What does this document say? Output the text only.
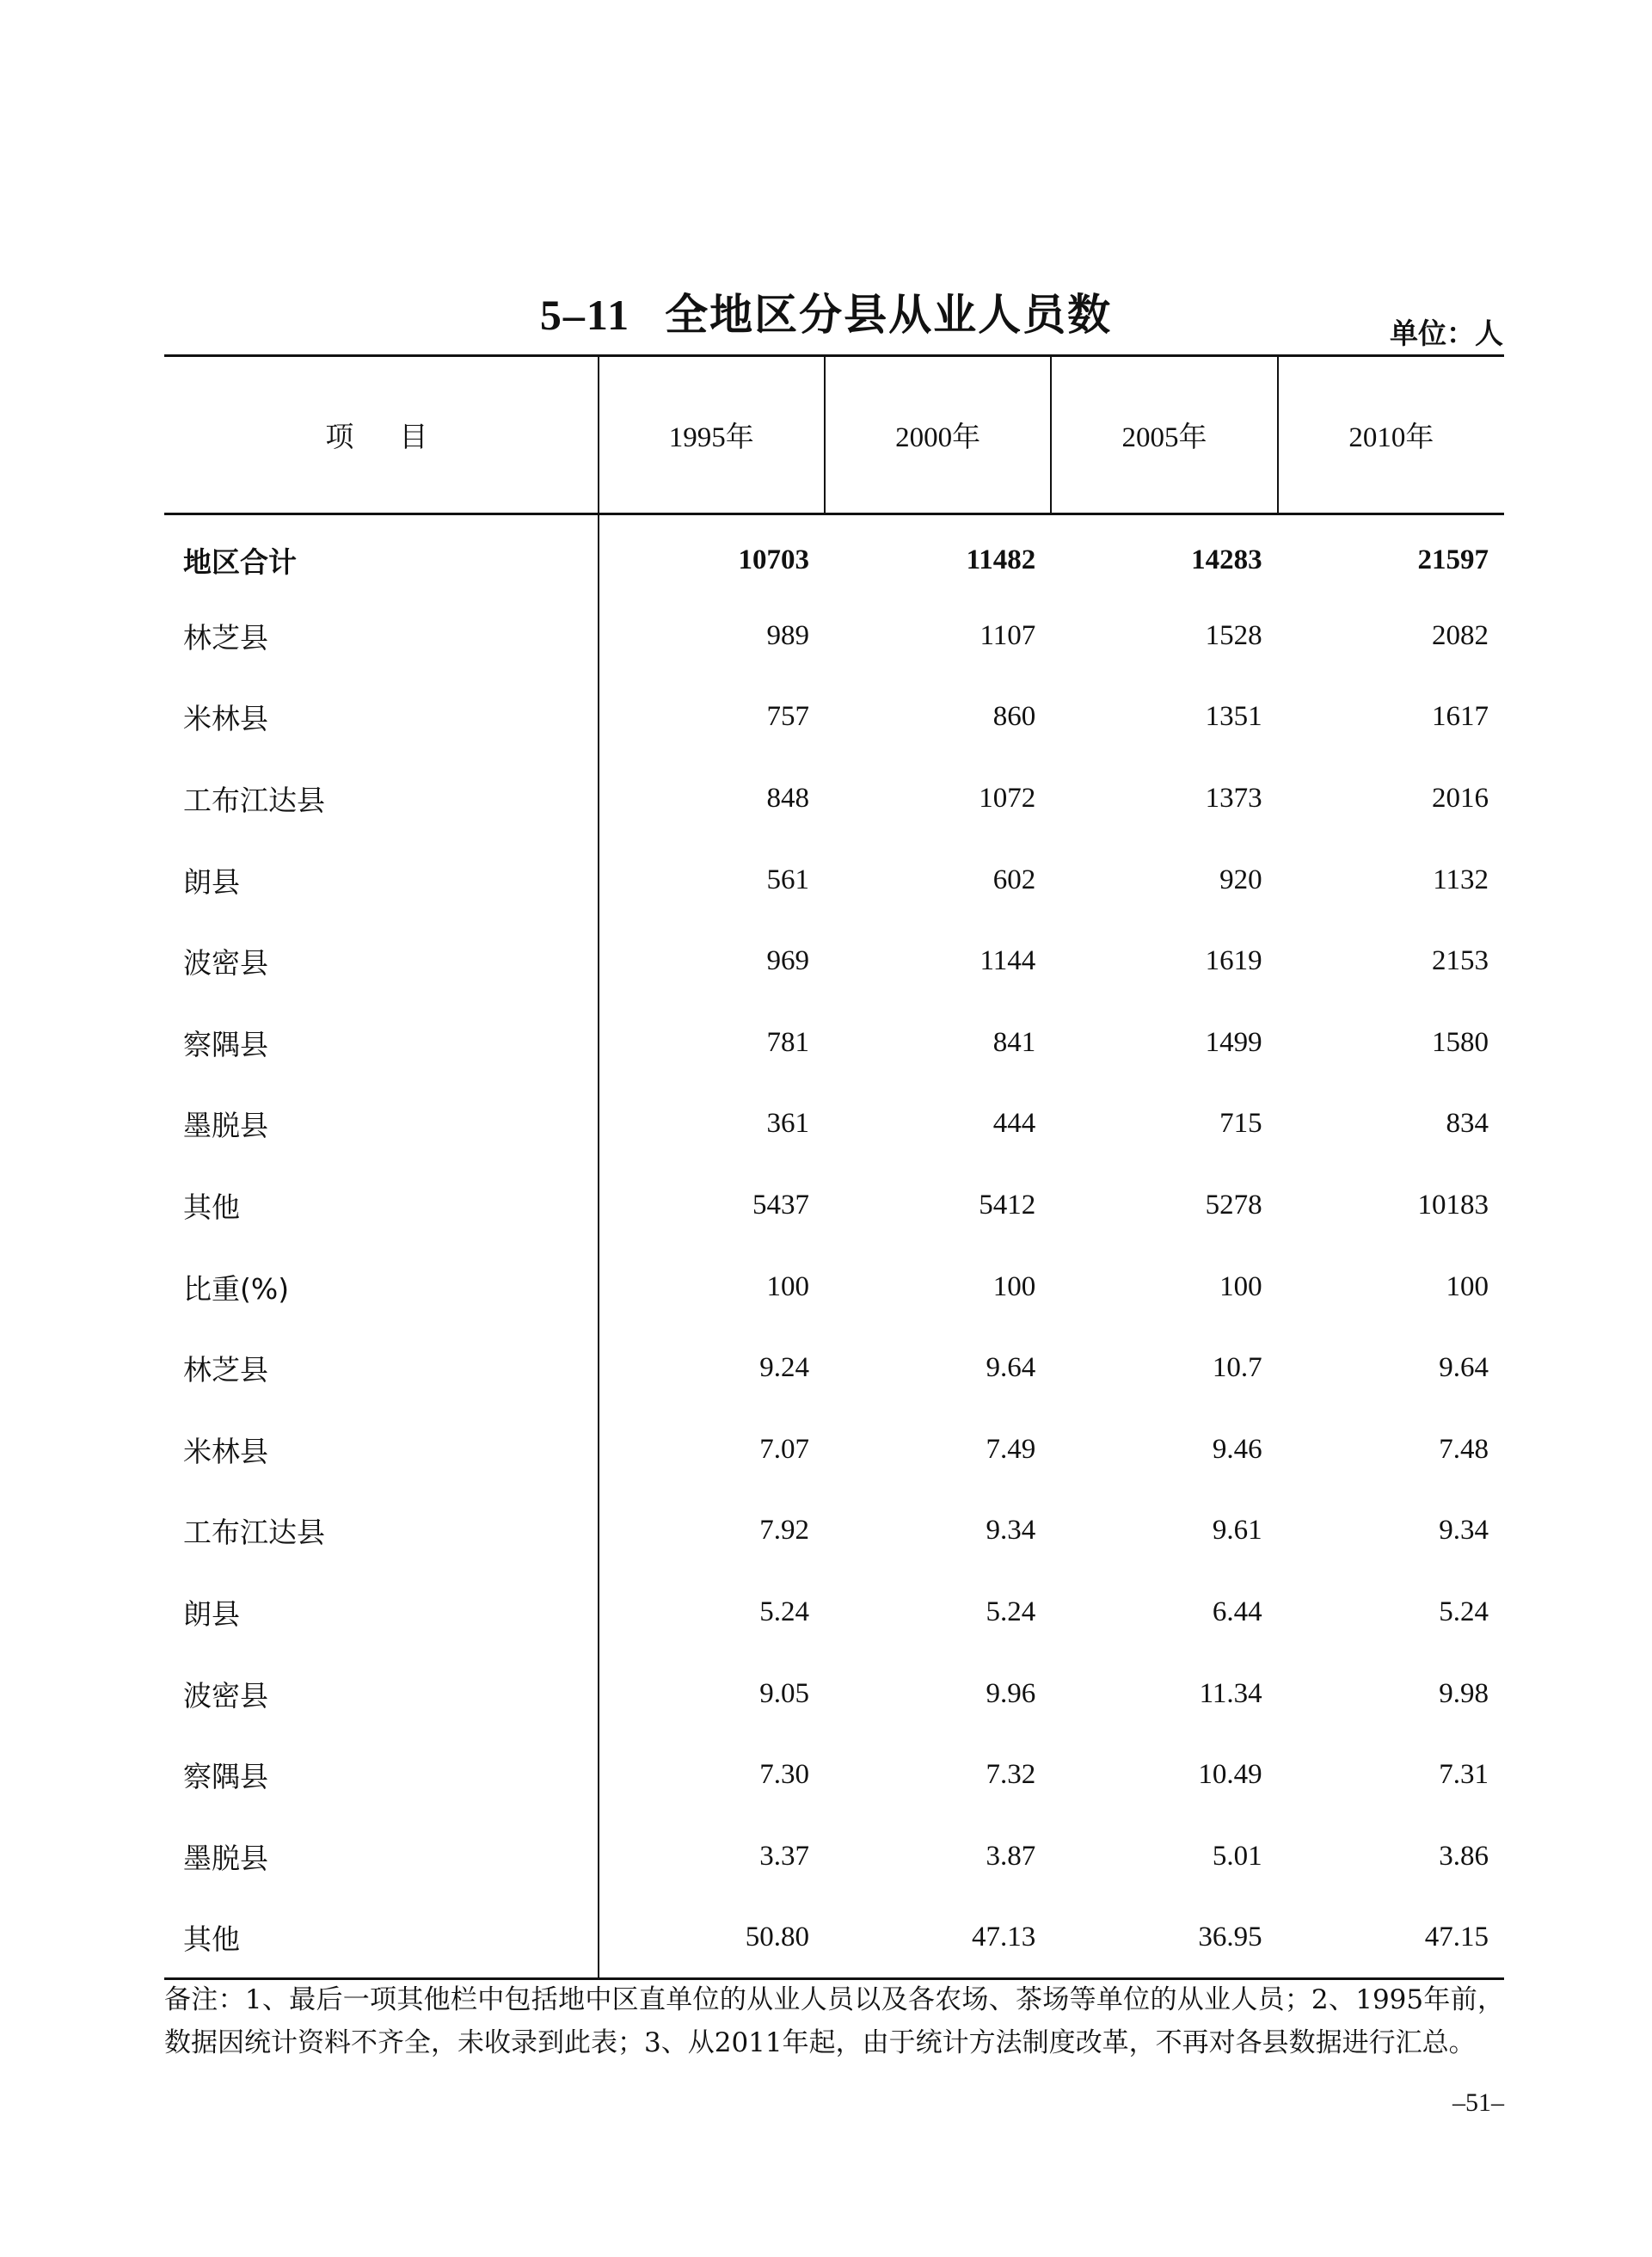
5–11 全地区分县从业人员数	单位：人
项　目	1995年	2000年	2005年	2010年
地区合计	10703	11482	14283	21597
林芝县	989	1107	1528	2082
米林县	757	860	1351	1617
工布江达县	848	1072	1373	2016
朗县	561	602	920	1132
波密县	969	1144	1619	2153
察隅县	781	841	1499	1580
墨脱县	361	444	715	834
其他	5437	5412	5278	10183
比重(%)	100	100	100	100
林芝县	9.24	9.64	10.7	9.64
米林县	7.07	7.49	9.46	7.48
工布江达县	7.92	9.34	9.61	9.34
朗县	5.24	5.24	6.44	5.24
波密县	9.05	9.96	11.34	9.98
察隅县	7.30	7.32	10.49	7.31
墨脱县	3.37	3.87	5.01	3.86
其他	50.80	47.13	36.95	47.15
备注：1、最后一项其他栏中包括地中区直单位的从业人员以及各农场、茶场等单位的从业人员；2、1995年前，数据因统计资料不齐全，未收录到此表；3、从2011年起，由于统计方法制度改革，不再对各县数据进行汇总。
–51–
